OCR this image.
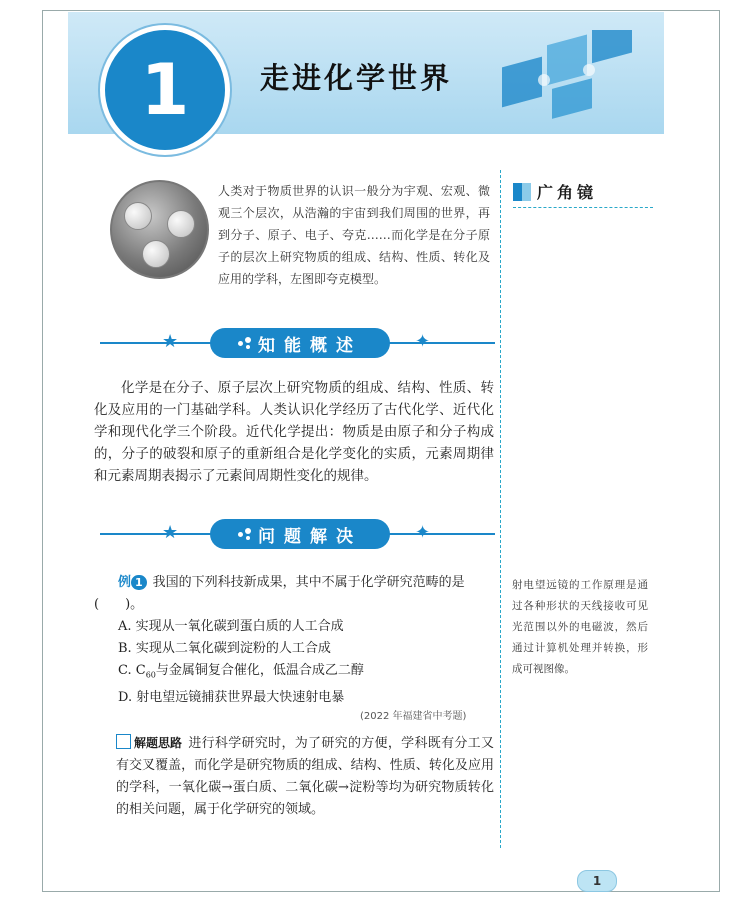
1	走进化学世界
人类对于物质世界的认识一般分为宇观、宏观、微观三个层次，从浩瀚的宇宙到我们周围的世界，再到分子、原子、电子、夸克……而化学是在分子原子的层次上研究物质的组成、结构、性质、转化及应用的学科，左图即夸克模型。
广角镜
★	✦
知能概述
化学是在分子、原子层次上研究物质的组成、结构、性质、转化及应用的一门基础学科。人类认识化学经历了古代化学、近代化学和现代化学三个阶段。近代化学提出：物质是由原子和分子构成的，分子的破裂和原子的重新组合是化学变化的实质，元素周期律和元素周期表揭示了元素间周期性变化的规律。
★	✦
问题解决
例 1 我国的下列科技新成果，其中不属于化学研究范畴的是(　　)。
A. 实现从一氧化碳到蛋白质的人工合成
B. 实现从二氧化碳到淀粉的人工合成
C. $C_{60}$与金属铜复合催化，低温合成乙二醇
D. 射电望远镜捕获世界最大快速射电暴
(2022 年福建省中考题)
解题思路 进行科学研究时，为了研究的方便，学科既有分工又有交叉覆盖，而化学是研究物质的组成、结构、性质、转化及应用的学科，一氧化碳→蛋白质、二氧化碳→淀粉等均为研究物质转化的相关问题，属于化学研究的领域。
射电望远镜的工作原理是通过各种形状的天线接收可见光范围以外的电磁波，然后通过计算机处理并转换，形成可视图像。
1
